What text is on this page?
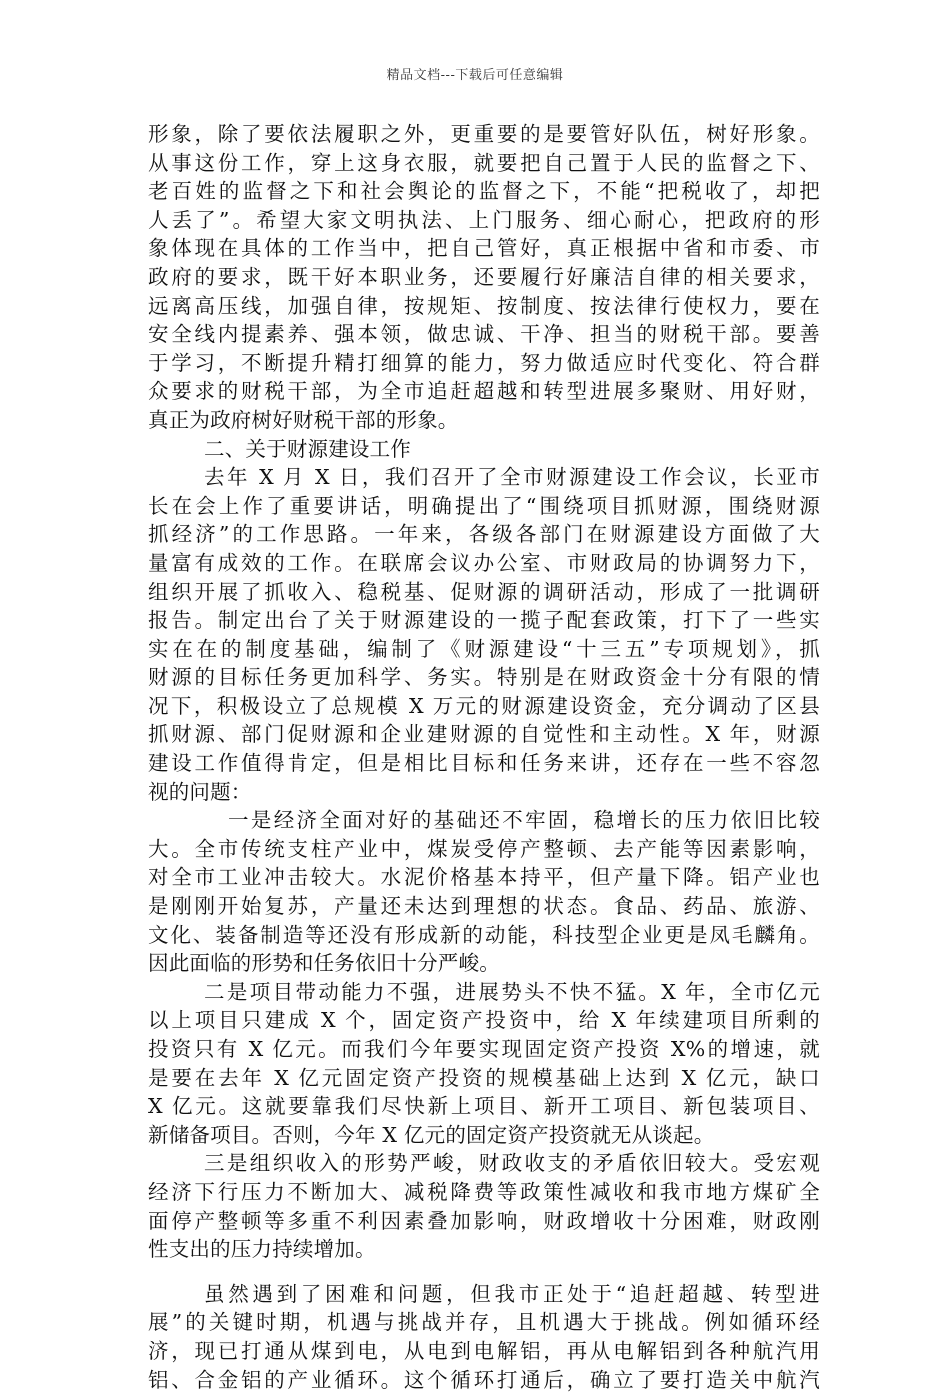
精品文档---下载后可任意编辑
形象，除了要依法履职之外，更重要的是要管好队伍，树好形象。
从事这份工作，穿上这身衣服，就要把自己置于人民的监督之下、
老百姓的监督之下和社会舆论的监督之下，不能“把税收了，却把
人丢了”。希望大家文明执法、上门服务、细心耐心，把政府的形
象体现在具体的工作当中，把自己管好，真正根据中省和市委、市
政府的要求，既干好本职业务，还要履行好廉洁自律的相关要求，
远离高压线，加强自律，按规矩、按制度、按法律行使权力，要在
安全线内提素养、强本领，做忠诚、干净、担当的财税干部。要善
于学习，不断提升精打细算的能力，努力做适应时代变化、符合群
众要求的财税干部，为全市追赶超越和转型进展多聚财、用好财，
真正为政府树好财税干部的形象。
二、关于财源建设工作
去年 X 月 X 日，我们召开了全市财源建设工作会议，长亚市
长在会上作了重要讲话，明确提出了“围绕项目抓财源，围绕财源
抓经济”的工作思路。一年来，各级各部门在财源建设方面做了大
量富有成效的工作。在联席会议办公室、市财政局的协调努力下，
组织开展了抓收入、稳税基、促财源的调研活动，形成了一批调研
报告。制定出台了关于财源建设的一揽子配套政策，打下了一些实
实在在的制度基础，编制了《财源建设“十三五”专项规划》，抓
财源的目标任务更加科学、务实。特别是在财政资金十分有限的情
况下，积极设立了总规模 X 万元的财源建设资金，充分调动了区县
抓财源、部门促财源和企业建财源的自觉性和主动性。X 年，财源
建设工作值得肯定，但是相比目标和任务来讲，还存在一些不容忽
视的问题：
一是经济全面对好的基础还不牢固，稳增长的压力依旧比较
大。全市传统支柱产业中，煤炭受停产整顿、去产能等因素影响，
对全市工业冲击较大。水泥价格基本持平，但产量下降。铝产业也
是刚刚开始复苏，产量还未达到理想的状态。食品、药品、旅游、
文化、装备制造等还没有形成新的动能，科技型企业更是凤毛麟角。
因此面临的形势和任务依旧十分严峻。
二是项目带动能力不强，进展势头不快不猛。X 年，全市亿元
以上项目只建成 X 个，固定资产投资中，给 X 年续建项目所剩的
投资只有 X 亿元。而我们今年要实现固定资产投资 X%的增速，就
是要在去年 X 亿元固定资产投资的规模基础上达到 X 亿元，缺口
X 亿元。这就要靠我们尽快新上项目、新开工项目、新包装项目、
新储备项目。否则，今年 X 亿元的固定资产投资就无从谈起。
三是组织收入的形势严峻，财政收支的矛盾依旧较大。受宏观
经济下行压力不断加大、减税降费等政策性减收和我市地方煤矿全
面停产整顿等多重不利因素叠加影响，财政增收十分困难，财政刚
性支出的压力持续增加。
虽然遇到了困难和问题，但我市正处于“追赶超越、转型进
展”的关键时期，机遇与挑战并存，且机遇大于挑战。例如循环经
济，现已打通从煤到电，从电到电解铝，再从电解铝到各种航汽用
铝、合金铝的产业循环。这个循环打通后，确立了要打造关中航汽
